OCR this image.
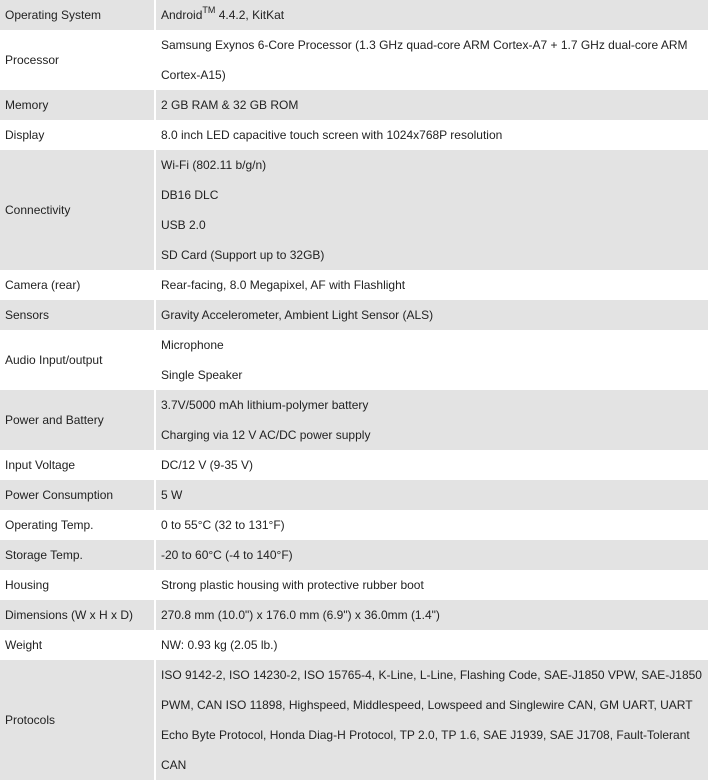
Operating System	Android™ 4.4.2, KitKat

Processor	Samsung Exynos 6-Core Processor (1.3 GHz quad-core ARM Cortex-A7 + 1.7 GHz dual-core ARM
Cortex-A15)

Memory	2 GB RAM & 32 GB ROM

Display	8.0 inch LED capacitive touch screen with 1024x768P resolution

Connectivity	Wi-Fi (802.11 b/g/n)
DB16 DLC
USB 2.0
SD Card (Support up to 32GB)

Camera (rear)	Rear-facing, 8.0 Megapixel, AF with Flashlight

Sensors	Gravity Accelerometer, Ambient Light Sensor (ALS)

Audio Input/output	Microphone
Single Speaker

Power and Battery	3.7V/5000 mAh lithium-polymer battery
Charging via 12 V AC/DC power supply

Input Voltage	DC/12 V (9-35 V)

Power Consumption	5 W

Operating Temp.	0 to 55°C (32 to 131°F)

Storage Temp.	-20 to 60°C (-4 to 140°F)

Housing	Strong plastic housing with protective rubber boot

Dimensions (W x H x D)	270.8 mm (10.0") x 176.0 mm (6.9") x 36.0mm (1.4")

Weight	NW: 0.93 kg (2.05 lb.)

Protocols	ISO 9142-2, ISO 14230-2, ISO 15765-4, K-Line, L-Line, Flashing Code, SAE-J1850 VPW, SAE-J1850
PWM, CAN ISO 11898, Highspeed, Middlespeed, Lowspeed and Singlewire CAN, GM UART, UART
Echo Byte Protocol, Honda Diag-H Protocol, TP 2.0, TP 1.6, SAE J1939, SAE J1708, Fault-Tolerant
CAN
